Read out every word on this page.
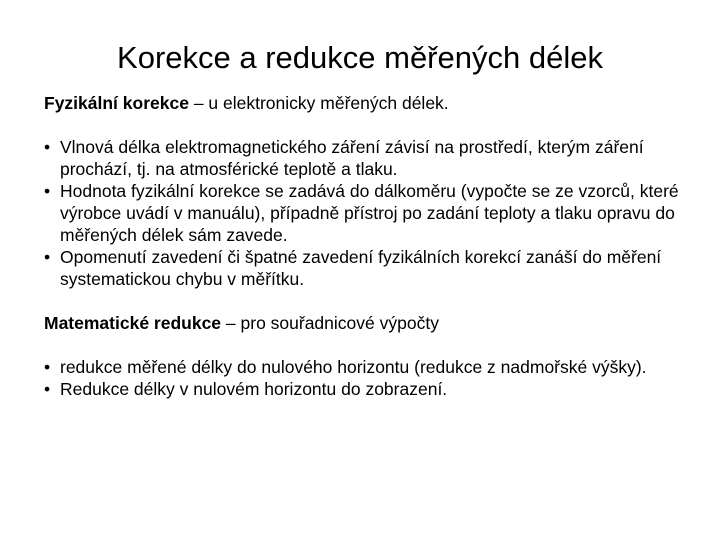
Korekce a redukce měřených délek

Fyzikální korekce – u elektronicky měřených délek.

• Vlnová délka elektromagnetického záření závisí na prostředí, kterým záření prochází, tj. na atmosférické teplotě a tlaku.
• Hodnota fyzikální korekce se zadává do dálkoměru (vypočte se ze vzorců, které výrobce uvádí v manuálu), případně přístroj po zadání teploty a tlaku opravu do měřených délek sám zavede.
• Opomenutí zavedení či špatné zavedení fyzikálních korekcí zanáší do měření systematickou chybu v měřítku.

Matematické redukce – pro souřadnicové výpočty

• redukce měřené délky do nulového horizontu (redukce z nadmořské výšky).
• Redukce délky v nulovém horizontu do zobrazení.
